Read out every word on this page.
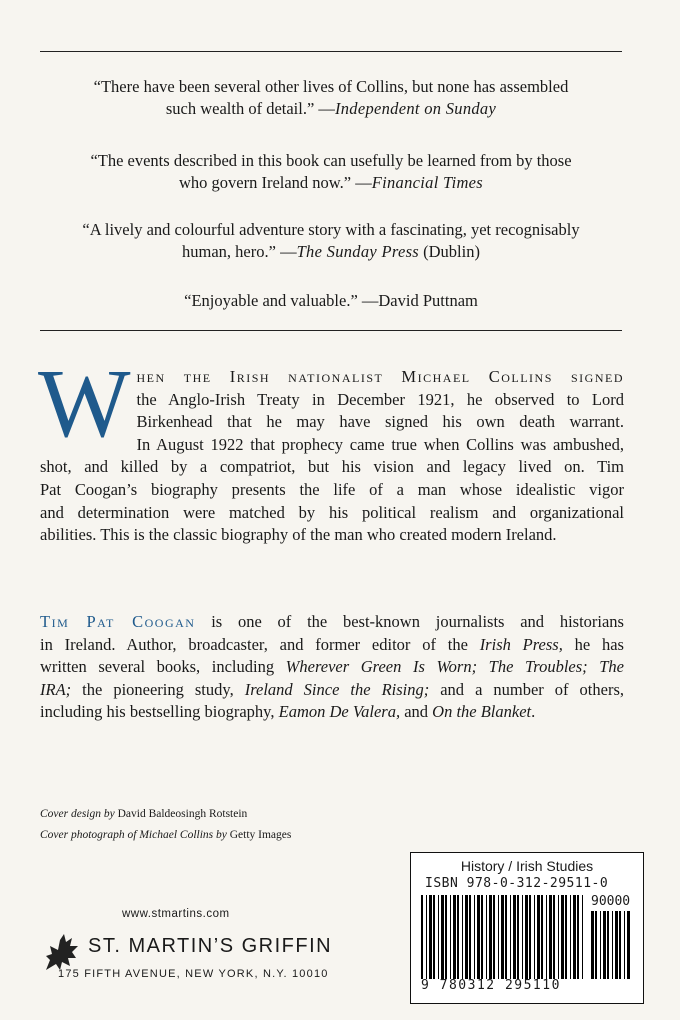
“There have been several other lives of Collins, but none has assembled
such wealth of detail.” —Independent on Sunday
“The events described in this book can usefully be learned from by those
who govern Ireland now.” —Financial Times
“A lively and colourful adventure story with a fascinating, yet recognisably
human, hero.” —The Sunday Press (Dublin)
“Enjoyable and valuable.” —David Puttnam
W hen the Irish nationalist Michael Collins signed
the Anglo-Irish Treaty in December 1921, he observed to Lord
Birkenhead that he may have signed his own death warrant.
In August 1922 that prophecy came true when Collins was ambushed,
shot, and killed by a compatriot, but his vision and legacy lived on. Tim
Pat Coogan’s biography presents the life of a man whose idealistic vigor
and determination were matched by his political realism and organizational
abilities. This is the classic biography of the man who created modern Ireland.
Tim Pat Coogan is one of the best-known journalists and historians
in Ireland. Author, broadcaster, and former editor of the Irish Press, he has
written several books, including Wherever Green Is Worn; The Troubles; The
IRA; the pioneering study, Ireland Since the Rising; and a number of others,
including his bestselling biography, Eamon De Valera, and On the Blanket.
Cover design by David Baldeosingh Rotstein
Cover photograph of Michael Collins by Getty Images
www.stmartins.com
ST. MARTIN’S GRIFFIN
175 FIFTH AVENUE, NEW YORK, N.Y. 10010
History / Irish Studies
ISBN 978-0-312-29511-0
90000
9 780312 295110
